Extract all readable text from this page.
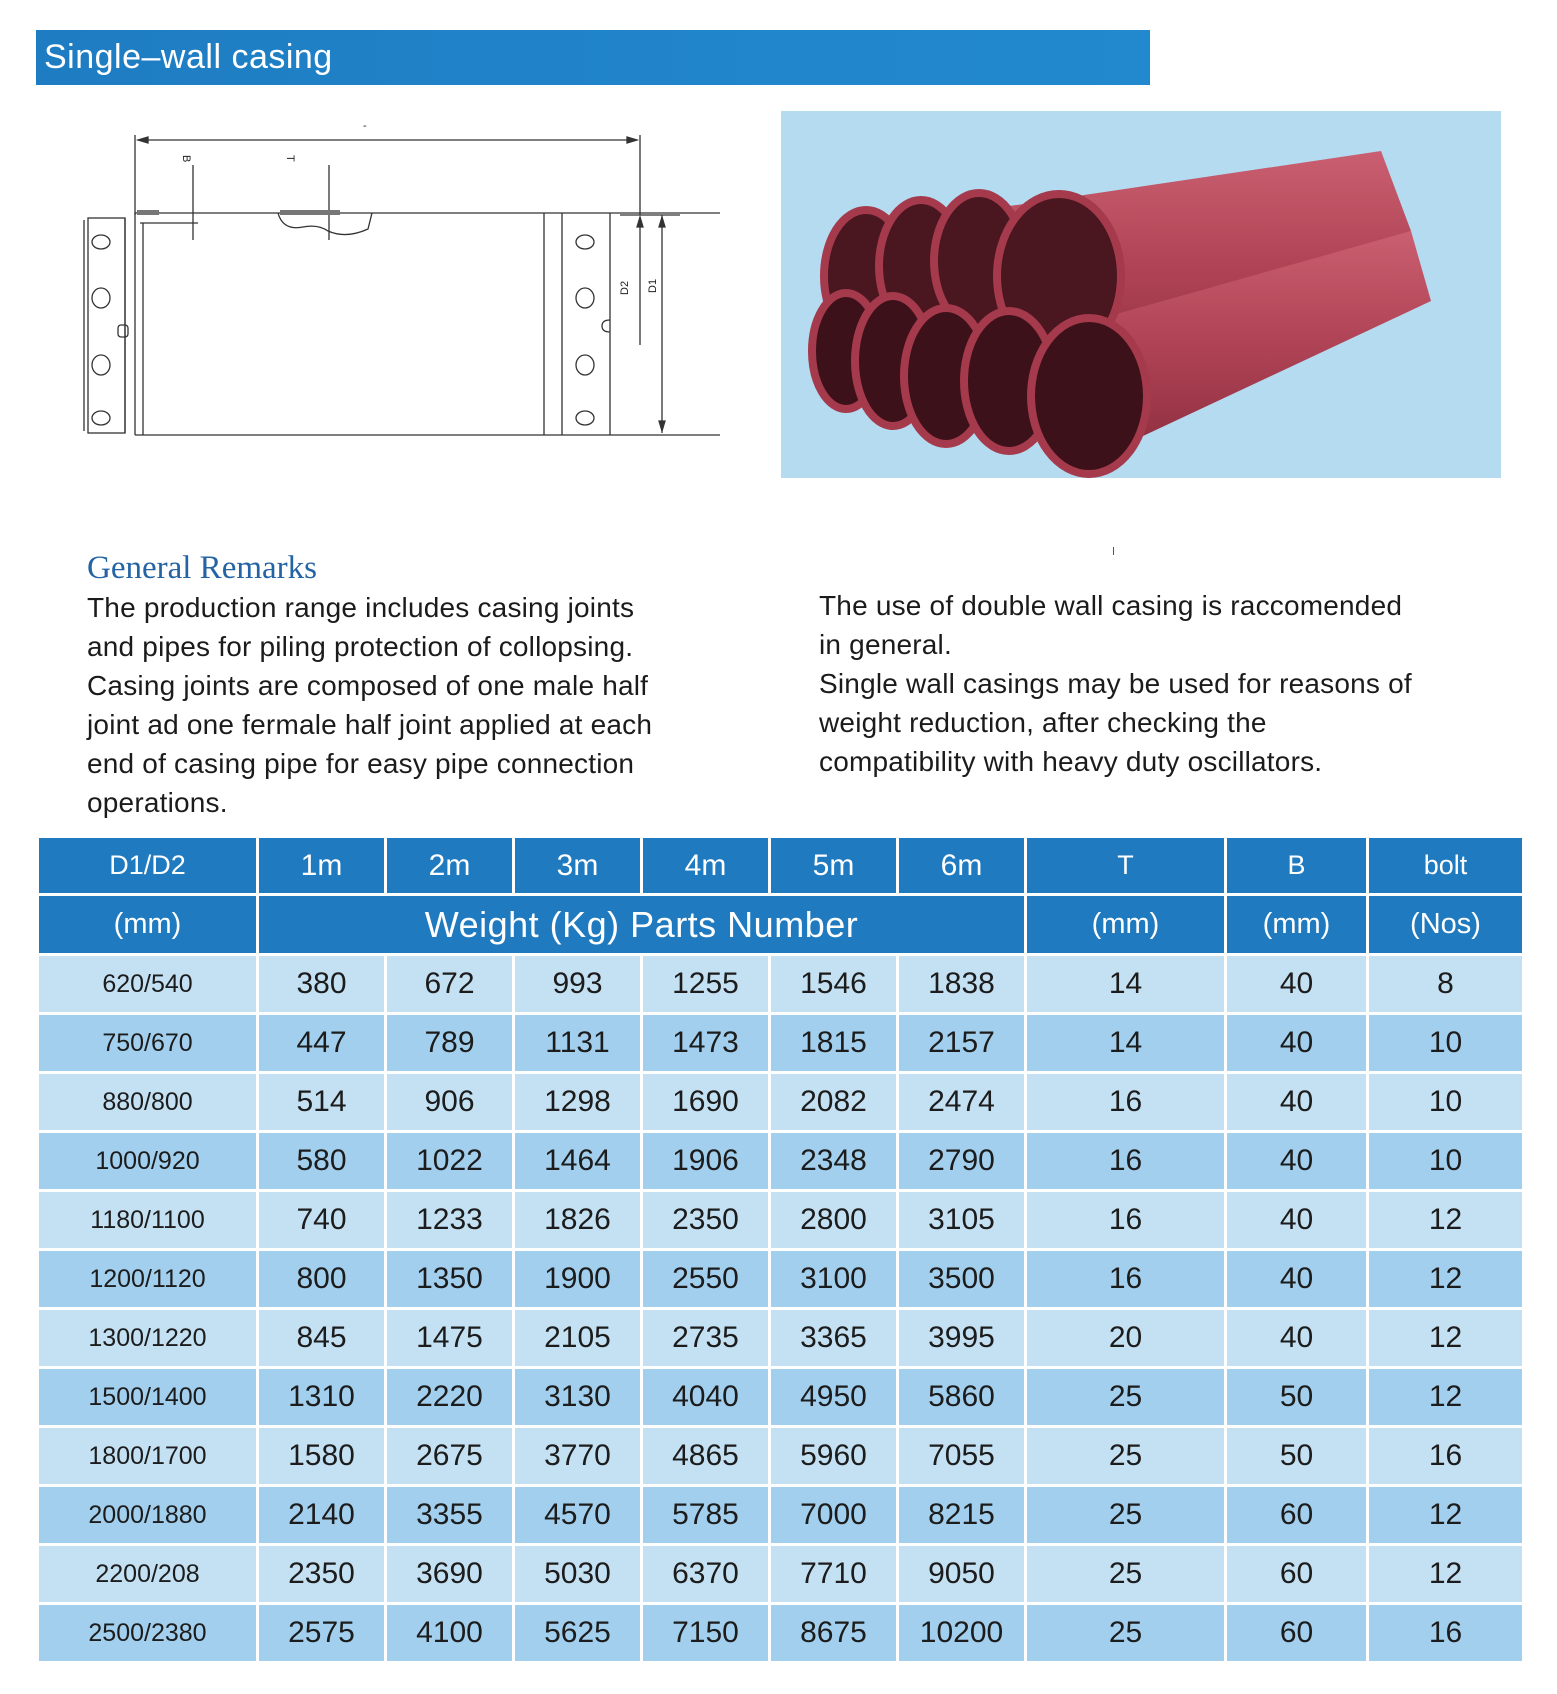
Single–wall casing
-
B	T
D2 D1
General Remarks

The production range includes casing joints

and pipes for piling protection of collopsing.

Casing joints are composed of one male half

joint ad one fermale half joint applied at each

end of casing pipe for easy pipe connection

operations.

The use of double wall casing is raccomended

in general.

Single wall casings may be used for reasons of

weight reduction, after checking the

compatibility with heavy duty oscillators.

D1/D2	1m	2m	3m	4m	5m	6m	T	B	bolt
(mm)	Weight (Kg) Parts Number						(mm)	(mm)	(Nos)
620/540	380	672	993	1255	1546	1838	14	40	8
750/670	447	789	1131	1473	1815	2157	14	40	10
880/800	514	906	1298	1690	2082	2474	16	40	10
1000/920	580	1022	1464	1906	2348	2790	16	40	10
1180/1100	740	1233	1826	2350	2800	3105	16	40	12
1200/1120	800	1350	1900	2550	3100	3500	16	40	12
1300/1220	845	1475	2105	2735	3365	3995	20	40	12
1500/1400	1310	2220	3130	4040	4950	5860	25	50	12
1800/1700	1580	2675	3770	4865	5960	7055	25	50	16
2000/1880	2140	3355	4570	5785	7000	8215	25	60	12
2200/208	2350	3690	5030	6370	7710	9050	25	60	12
2500/2380	2575	4100	5625	7150	8675	10200	25	60	16
